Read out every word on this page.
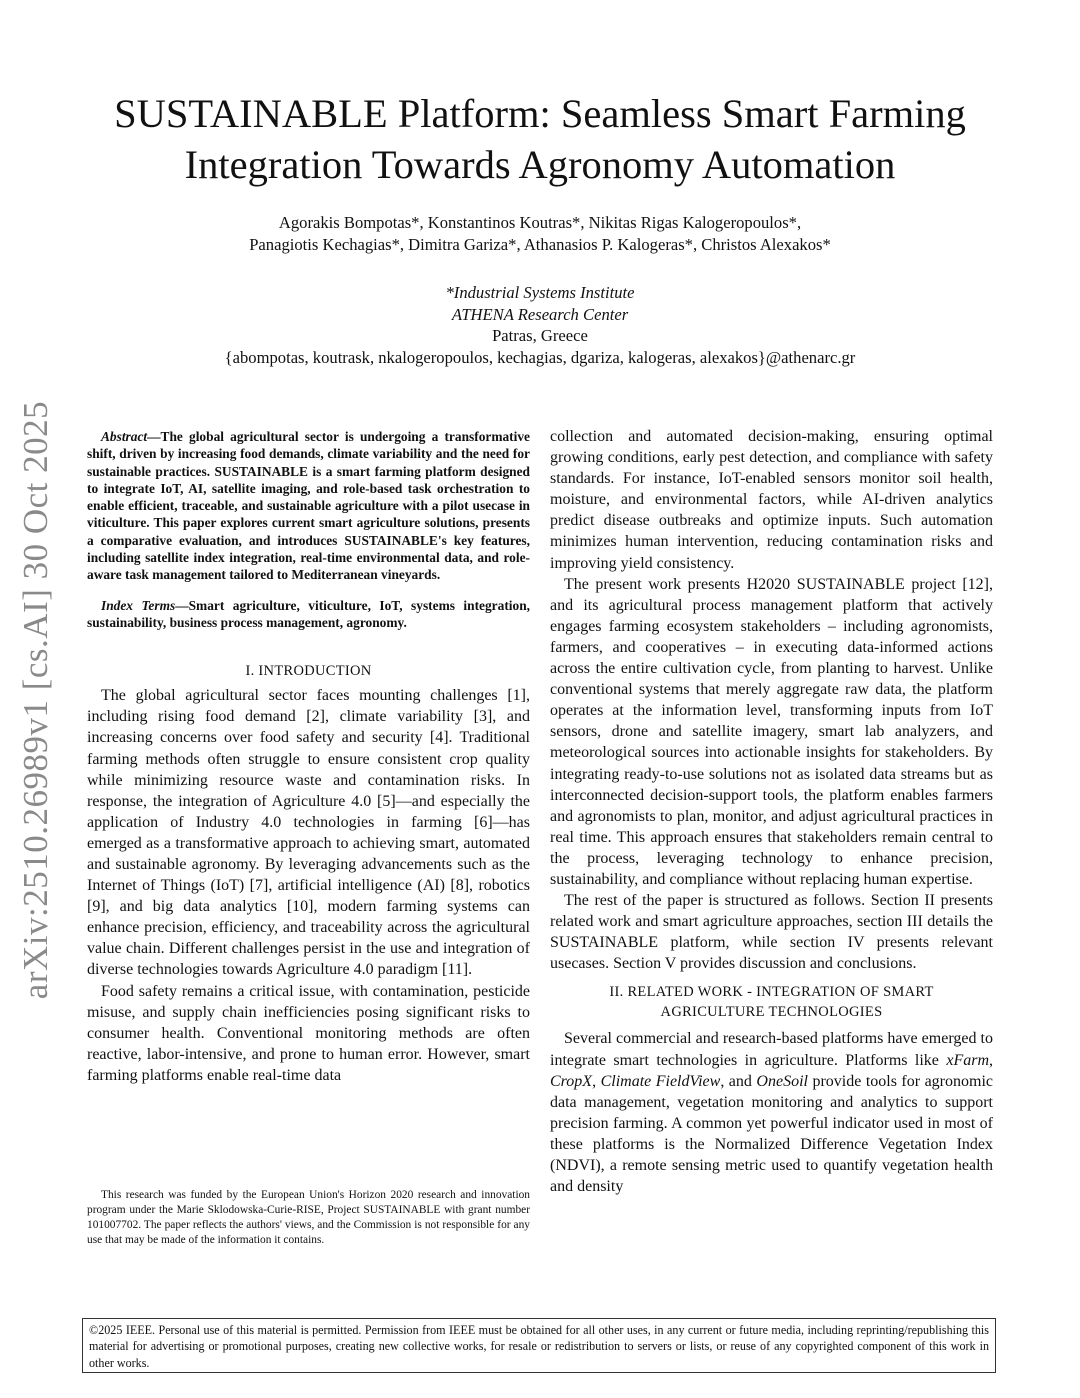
arXiv:2510.26989v1 [cs.AI] 30 Oct 2025
SUSTAINABLE Platform: Seamless Smart Farming
Integration Towards Agronomy Automation
Agorakis Bompotas*, Konstantinos Koutras*, Nikitas Rigas Kalogeropoulos*,
Panagiotis Kechagias*, Dimitra Gariza*, Athanasios P. Kalogeras*, Christos Alexakos*
*Industrial Systems Institute
ATHENA Research Center
Patras, Greece
{abompotas, koutrask, nkalogeropoulos, kechagias, dgariza, kalogeras, alexakos}@athenarc.gr

Abstract—The global agricultural sector is undergoing a transformative shift, driven by increasing food demands, climate variability and the need for sustainable practices. SUSTAINABLE is a smart farming platform designed to integrate IoT, AI, satellite imaging, and role-based task orchestration to enable efficient, traceable, and sustainable agriculture with a pilot usecase in viticulture. This paper explores current smart agriculture solutions, presents a comparative evaluation, and introduces SUSTAINABLE's key features, including satellite index integration, real-time environmental data, and role-aware task management tailored to Mediterranean vineyards.

Index Terms—Smart agriculture, viticulture, IoT, systems integration, sustainability, business process management, agronomy.

I. INTRODUCTION

The global agricultural sector faces mounting challenges [1], including rising food demand [2], climate variability [3], and increasing concerns over food safety and security [4]. Traditional farming methods often struggle to ensure consistent crop quality while minimizing resource waste and contamination risks. In response, the integration of Agriculture 4.0 [5]—and especially the application of Industry 4.0 technologies in farming [6]—has emerged as a transformative approach to achieving smart, automated and sustainable agronomy. By leveraging advancements such as the Internet of Things (IoT) [7], artificial intelligence (AI) [8], robotics [9], and big data analytics [10], modern farming systems can enhance precision, efficiency, and traceability across the agricultural value chain. Different challenges persist in the use and integration of diverse technologies towards Agriculture 4.0 paradigm [11].

Food safety remains a critical issue, with contamination, pesticide misuse, and supply chain inefficiencies posing significant risks to consumer health. Conventional monitoring methods are often reactive, labor-intensive, and prone to human error. However, smart farming platforms enable real-time data

This research was funded by the European Union's Horizon 2020 research and innovation program under the Marie Sklodowska-Curie-RISE, Project SUSTAINABLE with grant number 101007702. The paper reflects the authors' views, and the Commission is not responsible for any use that may be made of the information it contains.

collection and automated decision-making, ensuring optimal growing conditions, early pest detection, and compliance with safety standards. For instance, IoT-enabled sensors monitor soil health, moisture, and environmental factors, while AI-driven analytics predict disease outbreaks and optimize inputs. Such automation minimizes human intervention, reducing contamination risks and improving yield consistency.

The present work presents H2020 SUSTAINABLE project [12], and its agricultural process management platform that actively engages farming ecosystem stakeholders – including agronomists, farmers, and cooperatives – in executing data-informed actions across the entire cultivation cycle, from planting to harvest. Unlike conventional systems that merely aggregate raw data, the platform operates at the information level, transforming inputs from IoT sensors, drone and satellite imagery, smart lab analyzers, and meteorological sources into actionable insights for stakeholders. By integrating ready-to-use solutions not as isolated data streams but as interconnected decision-support tools, the platform enables farmers and agronomists to plan, monitor, and adjust agricultural practices in real time. This approach ensures that stakeholders remain central to the process, leveraging technology to enhance precision, sustainability, and compliance without replacing human expertise.

The rest of the paper is structured as follows. Section II presents related work and smart agriculture approaches, section III details the SUSTAINABLE platform, while section IV presents relevant usecases. Section V provides discussion and conclusions.

II. RELATED WORK - INTEGRATION OF SMART
AGRICULTURE TECHNOLOGIES

Several commercial and research-based platforms have emerged to integrate smart technologies in agriculture. Platforms like xFarm, CropX, Climate FieldView, and OneSoil provide tools for agronomic data management, vegetation monitoring and analytics to support precision farming. A common yet powerful indicator used in most of these platforms is the Normalized Difference Vegetation Index (NDVI), a remote sensing metric used to quantify vegetation health and density

©2025 IEEE. Personal use of this material is permitted. Permission from IEEE must be obtained for all other uses, in any current or future media, including reprinting/republishing this material for advertising or promotional purposes, creating new collective works, for resale or redistribution to servers or lists, or reuse of any copyrighted component of this work in other works.
